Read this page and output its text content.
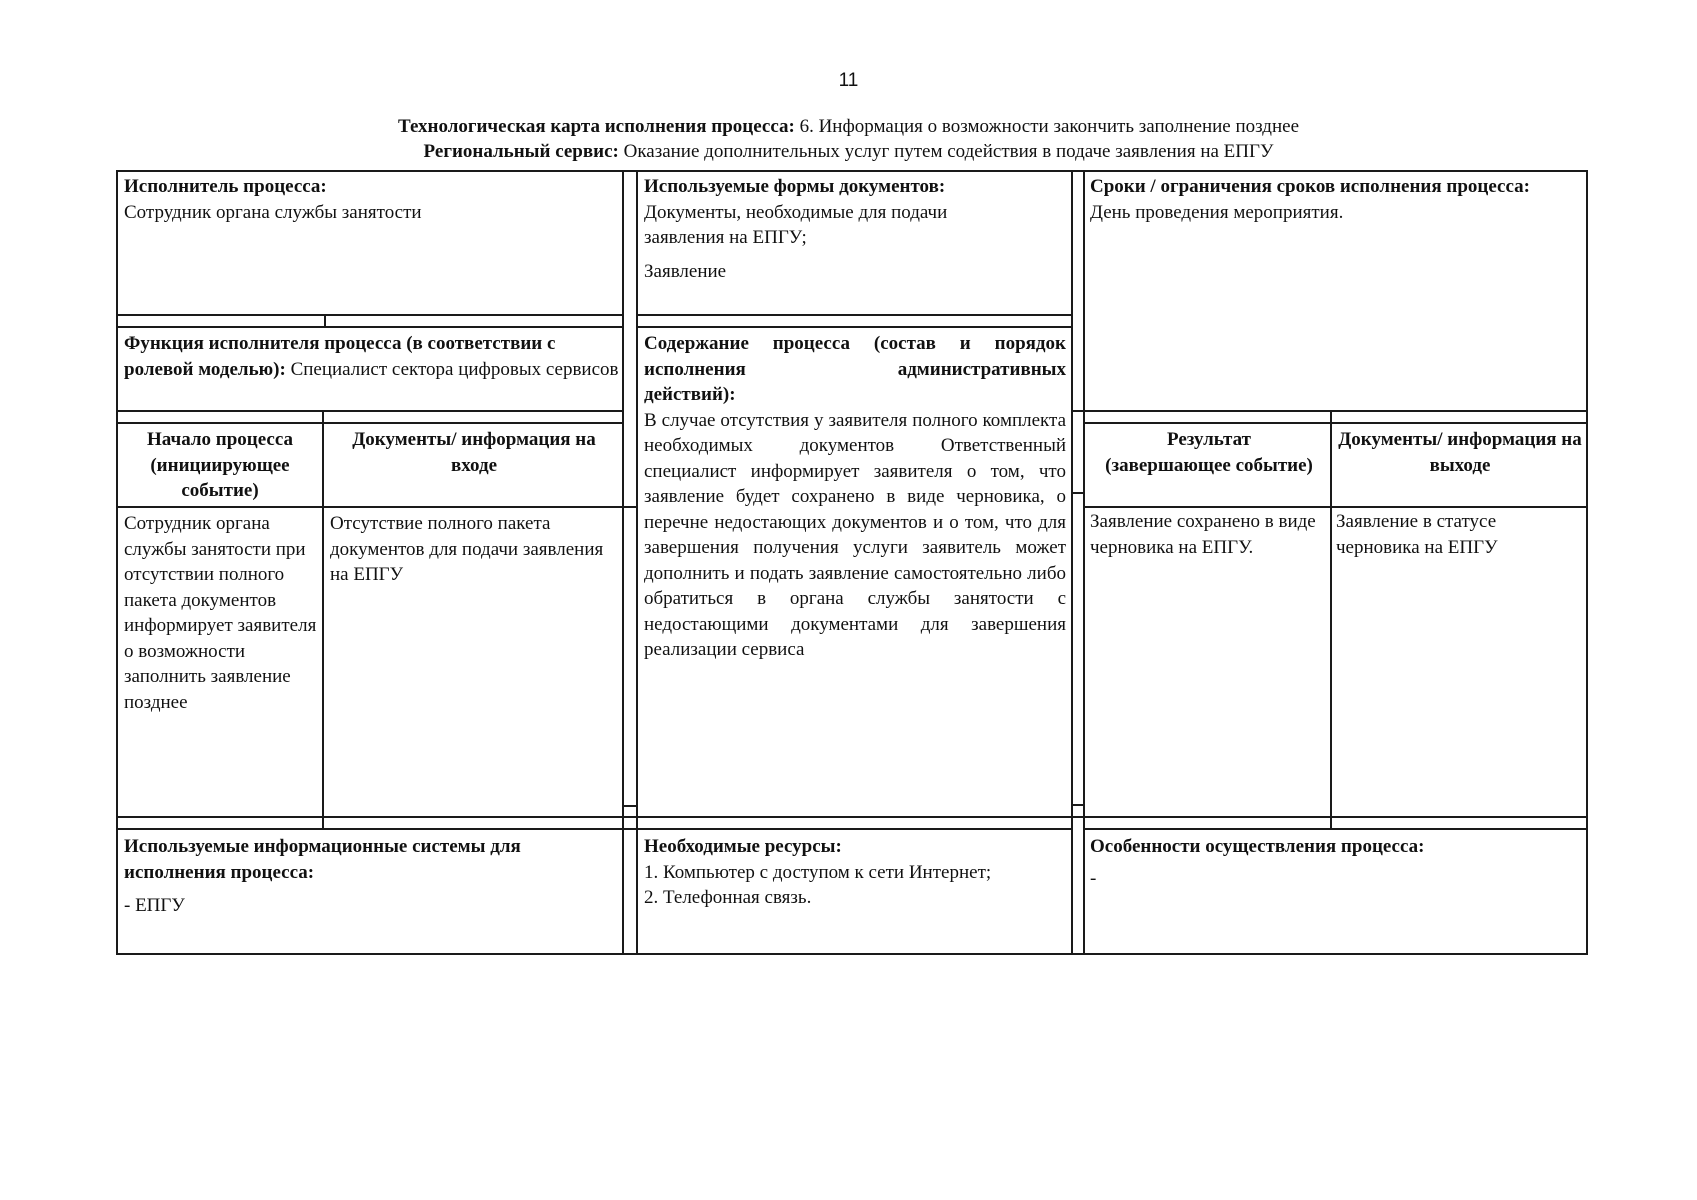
11
Технологическая карта исполнения процесса: 6. Информация о возможности закончить заполнение позднее
Региональный сервис: Оказание дополнительных услуг путем содействия в подаче заявления на ЕПГУ
Исполнитель процесса:
Сотрудник органа службы занятости
Используемые формы документов:
Документы, необходимые для подачи заявления на ЕПГУ;
Заявление
Сроки / ограничения сроков исполнения процесса:
День проведения мероприятия.
Функция исполнителя процесса (в соответствии с ролевой моделью): Специалист сектора цифровых сервисов
Содержание процесса (состав и порядок
исполнения административных
действий):
В случае отсутствия у заявителя полного комплекта необходимых документов Ответственный специалист информирует заявителя о том, что заявление будет сохранено в виде черновика, о перечне недостающих документов и о том, что для завершения получения услуги заявитель может дополнить и подать заявление самостоятельно либо обратиться в органа службы занятости с недостающими документами для завершения реализации сервиса
Начало процесса (инициирующее событие)
Документы/ информация на входе
Результат (завершающее событие)
Документы/ информация на выходе
Сотрудник органа службы занятости при отсутствии полного пакета документов информирует заявителя о возможности заполнить заявление позднее
Отсутствие полного пакета документов для подачи заявления на ЕПГУ
Заявление сохранено в виде черновика на ЕПГУ.
Заявление в статусе черновика на ЕПГУ
Используемые информационные системы для исполнения процесса:
- ЕПГУ
Необходимые ресурсы:
1. Компьютер с доступом к сети Интернет;
2. Телефонная связь.
Особенности осуществления процесса:
-
